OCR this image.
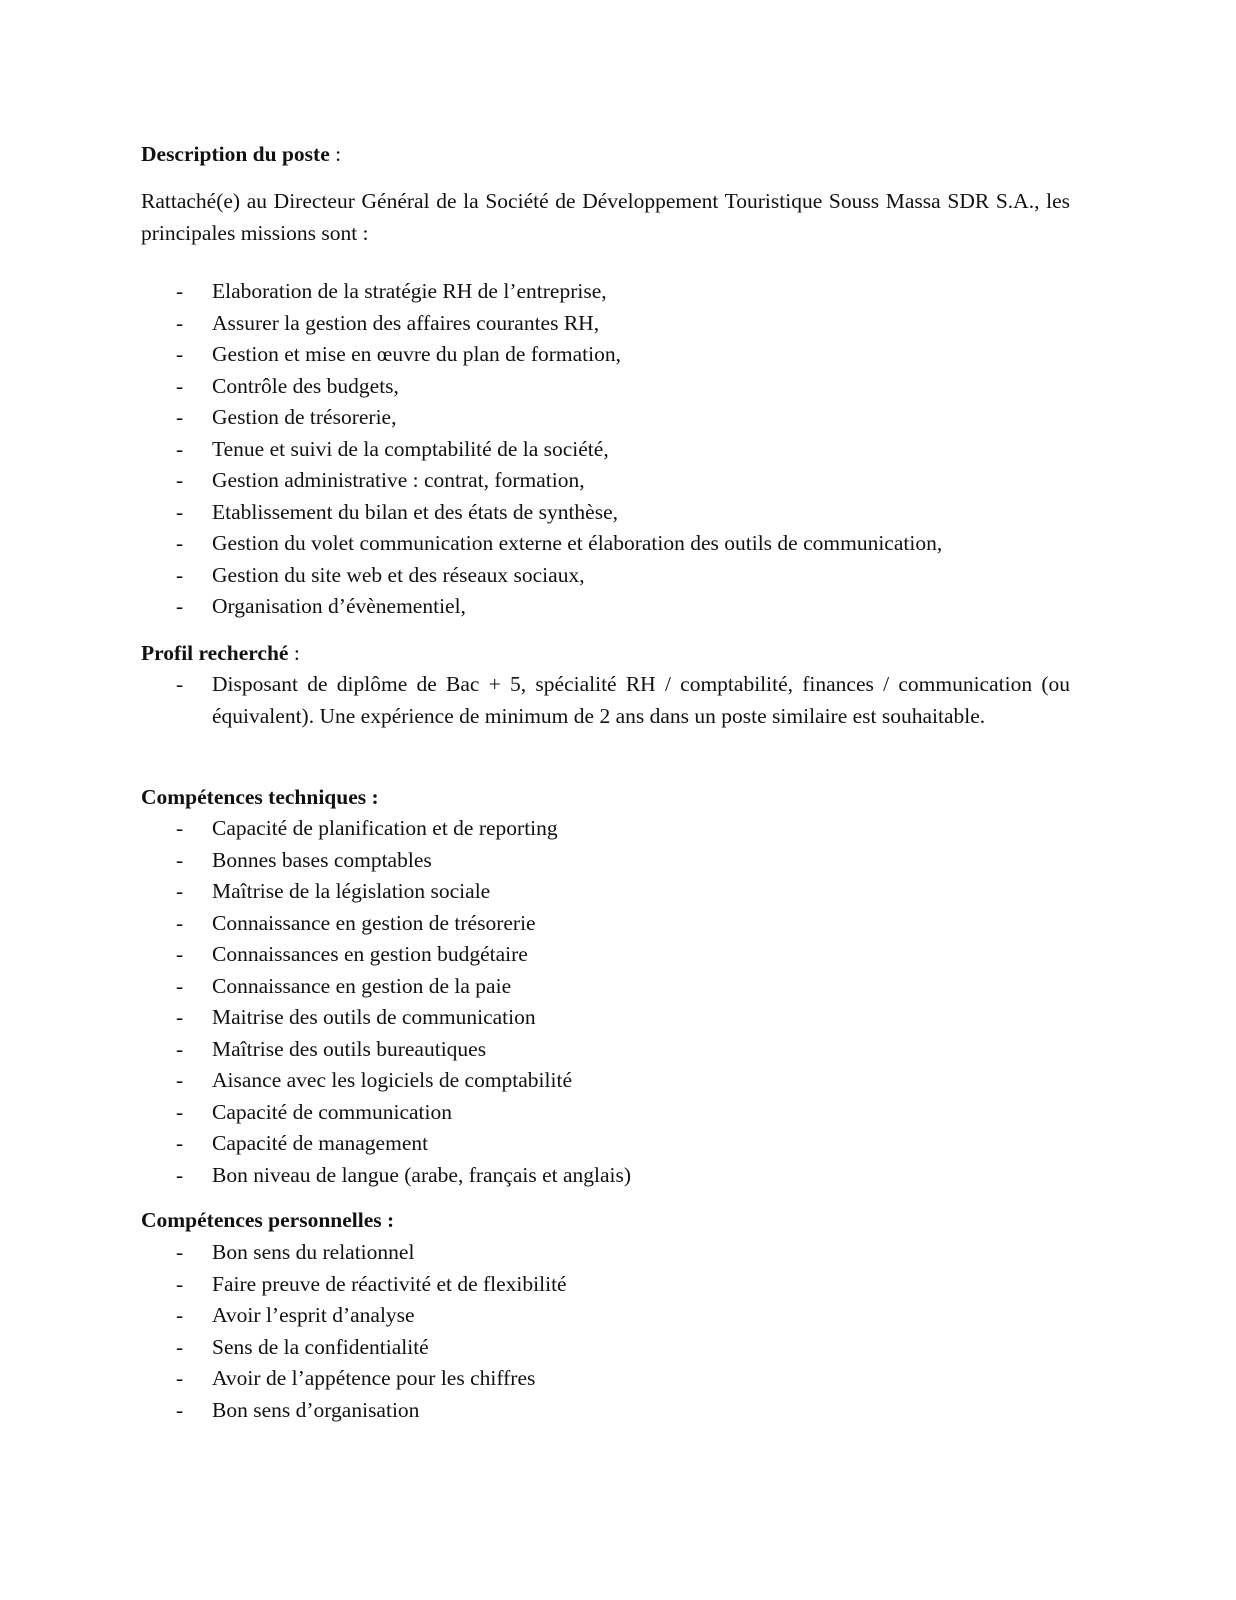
Description du poste :

Rattaché(e) au Directeur Général de la Société de Développement Touristique Souss Massa SDR S.A., les principales missions sont :

- Elaboration de la stratégie RH de l’entreprise,
- Assurer la gestion des affaires courantes RH,
- Gestion et mise en œuvre du plan de formation,
- Contrôle des budgets,
- Gestion de trésorerie,
- Tenue et suivi de la comptabilité de la société,
- Gestion administrative : contrat, formation,
- Etablissement du bilan et des états de synthèse,
- Gestion du volet communication externe et élaboration des outils de communication,
- Gestion du site web et des réseaux sociaux,
- Organisation d’évènementiel,
Profil recherché :
- Disposant de diplôme de Bac + 5, spécialité RH / comptabilité, finances / communication (ou équivalent). Une expérience de minimum de 2 ans dans un poste similaire est souhaitable.
Compétences techniques :
- Capacité de planification et de reporting
- Bonnes bases comptables
- Maîtrise de la législation sociale
- Connaissance en gestion de trésorerie
- Connaissances en gestion budgétaire
- Connaissance en gestion de la paie
- Maitrise des outils de communication
- Maîtrise des outils bureautiques
- Aisance avec les logiciels de comptabilité
- Capacité de communication
- Capacité de management
- Bon niveau de langue (arabe, français et anglais)
Compétences personnelles :
- Bon sens du relationnel
- Faire preuve de réactivité et de flexibilité
- Avoir l’esprit d’analyse
- Sens de la confidentialité
- Avoir de l’appétence pour les chiffres
- Bon sens d’organisation
